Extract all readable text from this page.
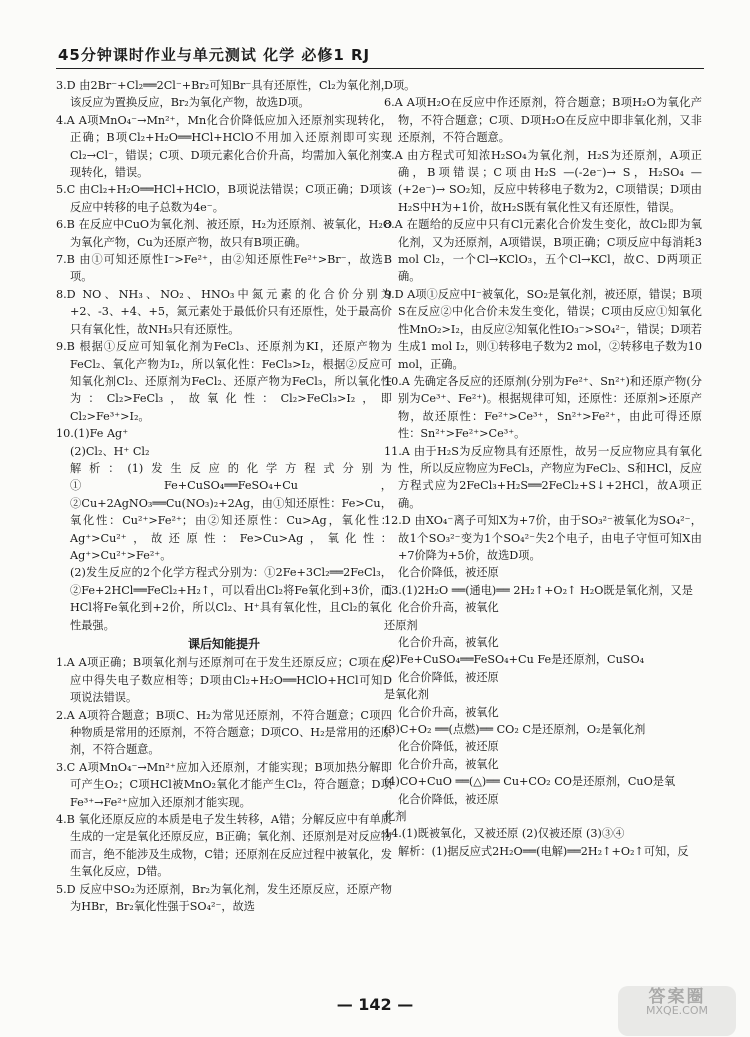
45分钟课时作业与单元测试 化学 必修1 RJ

3.D 由2Br⁻+Cl₂══2Cl⁻+Br₂可知Br⁻具有还原性，Cl₂为氧化剂，该反应为置换反应，Br₂为氧化产物，故选D项。

4.A A项MnO₄⁻→Mn²⁺，Mn化合价降低应加入还原剂实现转化，正确；B项Cl₂+H₂O══HCl+HClO不用加入还原剂即可实现Cl₂→Cl⁻，错误；C项、D项元素化合价升高，均需加入氧化剂实现转化，错误。

5.C 由Cl₂+H₂O══HCl+HClO，B项说法错误；C项正确；D项该反应中转移的电子总数为4e⁻。

6.B 在反应中CuO为氧化剂、被还原，H₂为还原剂、被氧化，H₂O为氧化产物，Cu为还原产物，故只有B项正确。

7.B 由①可知还原性I⁻>Fe²⁺，由②知还原性Fe²⁺>Br⁻，故选B项。

8.D NO、NH₃、NO₂、HNO₃中氮元素的化合价分别为+2、-3、+4、+5，氮元素处于最低价只有还原性，处于最高价只有氧化性，故NH₃只有还原性。

9.B 根据①反应可知氧化剂为FeCl₃、还原剂为KI，还原产物为FeCl₂、氧化产物为I₂，所以氧化性：FeCl₃>I₂，根据②反应可知氧化剂Cl₂、还原剂为FeCl₂、还原产物为FeCl₃，所以氧化性为：Cl₂>FeCl₃，故氧化性：Cl₂>FeCl₃>I₂，即Cl₂>Fe³⁺>I₂。

10.(1)Fe Ag⁺

(2)Cl₂、H⁺ Cl₂

解析：(1)发生反应的化学方程式分别为①Fe+CuSO₄══FeSO₄+Cu，②Cu+2AgNO₃══Cu(NO₃)₂+2Ag，由①知还原性：Fe>Cu，氧化性：Cu²⁺>Fe²⁺；由②知还原性：Cu>Ag，氧化性：Ag⁺>Cu²⁺，故还原性：Fe>Cu>Ag，氧化性：Ag⁺>Cu²⁺>Fe²⁺。

(2)发生反应的2个化学方程式分别为：①2Fe+3Cl₂══2FeCl₃，②Fe+2HCl══FeCl₂+H₂↑，可以看出Cl₂将Fe氧化到+3价，而HCl将Fe氧化到+2价，所以Cl₂、H⁺具有氧化性，且Cl₂的氧化性最强。

课后知能提升

1.A A项正确；B项氧化剂与还原剂可在于发生还原反应；C项在反应中得失电子数应相等；D项由Cl₂+H₂O══HClO+HCl可知D项说法错误。

2.A A项符合题意；B项C、H₂为常见还原剂，不符合题意；C项四种物质是常用的还原剂，不符合题意；D项CO、H₂是常用的还原剂，不符合题意。

3.C A项MnO₄⁻→Mn²⁺应加入还原剂，才能实现；B项加热分解即可产生O₂；C项HCl被MnO₂氧化才能产生Cl₂，符合题意；D项Fe³⁺→Fe²⁺应加入还原剂才能实现。

4.B 氧化还原反应的本质是电子发生转移，A错；分解反应中有单质生成的一定是氧化还原反应，B正确；氧化剂、还原剂是对反应物而言，绝不能涉及生成物，C错；还原剂在反应过程中被氧化，发生氧化反应，D错。

5.D 反应中SO₂为还原剂，Br₂为氧化剂，发生还原反应，还原产物为HBr，Br₂氧化性强于SO₄²⁻，故选

D项。

6.A A项H₂O在反应中作还原剂，符合题意；B项H₂O为氧化产物，不符合题意；C项、D项H₂O在反应中即非氧化剂，又非还原剂，不符合题意。

7.A 由方程式可知浓H₂SO₄为氧化剂，H₂S为还原剂，A项正确，B项错误；C项由H₂S —(-2e⁻)→ S，H₂SO₄ —(+2e⁻)→ SO₂知，反应中转移电子数为2，C项错误；D项由H₂S中H为+1价，故H₂S既有氧化性又有还原性，错误。

8.A 在题给的反应中只有Cl元素化合价发生变化，故Cl₂即为氧化剂，又为还原剂，A项错误，B项正确；C项反应中每消耗3 mol Cl₂，一个Cl→KClO₃，五个Cl→KCl，故C、D两项正确。

9.D A项①反应中I⁻被氧化，SO₂是氧化剂，被还原，错误；B项S在反应②中化合价未发生变化，错误；C项由反应①知氧化性MnO₂>I₂，由反应②知氧化性IO₃⁻>SO₄²⁻，错误；D项若生成1 mol I₂，则①转移电子数为2 mol，②转移电子数为10 mol，正确。

10.A 先确定各反应的还原剂(分别为Fe²⁺、Sn²⁺)和还原产物(分别为Ce³⁺、Fe²⁺)。根据规律可知，还原性：还原剂>还原产物，故还原性：Fe²⁺>Ce³⁺，Sn²⁺>Fe²⁺，由此可得还原性：Sn²⁺>Fe²⁺>Ce³⁺。

11.A 由于H₂S为反应物具有还原性，故另一反应物应具有氧化性，所以反应物应为FeCl₃，产物应为FeCl₂、S和HCl，反应方程式应为2FeCl₃+H₂S══2FeCl₂+S↓+2HCl，故A项正确。

12.D 由XO₄⁻离子可知X为+7价，由于SO₃²⁻被氧化为SO₄²⁻，故1个SO₃²⁻变为1个SO₄²⁻失2个电子，由电子守恒可知X由+7价降为+5价，故选D项。

化合价降低，被还原

13.(1)2H₂O ══(通电)══ 2H₂↑+O₂↑ H₂O既是氧化剂，又是

化合价升高，被氧化

还原剂

化合价升高，被氧化

(2)Fe+CuSO₄══FeSO₄+Cu Fe是还原剂，CuSO₄

化合价降低，被还原

是氧化剂

化合价升高，被氧化

(3)C+O₂ ══(点燃)══ CO₂ C是还原剂，O₂是氧化剂

化合价降低，被还原

化合价升高，被氧化

(4)CO+CuO ══(△)══ Cu+CO₂ CO是还原剂，CuO是氧

化合价降低，被还原

化剂

14.(1)既被氧化，又被还原 (2)仅被还原 (3)③④

解析：(1)据反应式2H₂O══(电解)══2H₂↑+O₂↑可知，反

— 142 —	答案圈
MXQE.COM
